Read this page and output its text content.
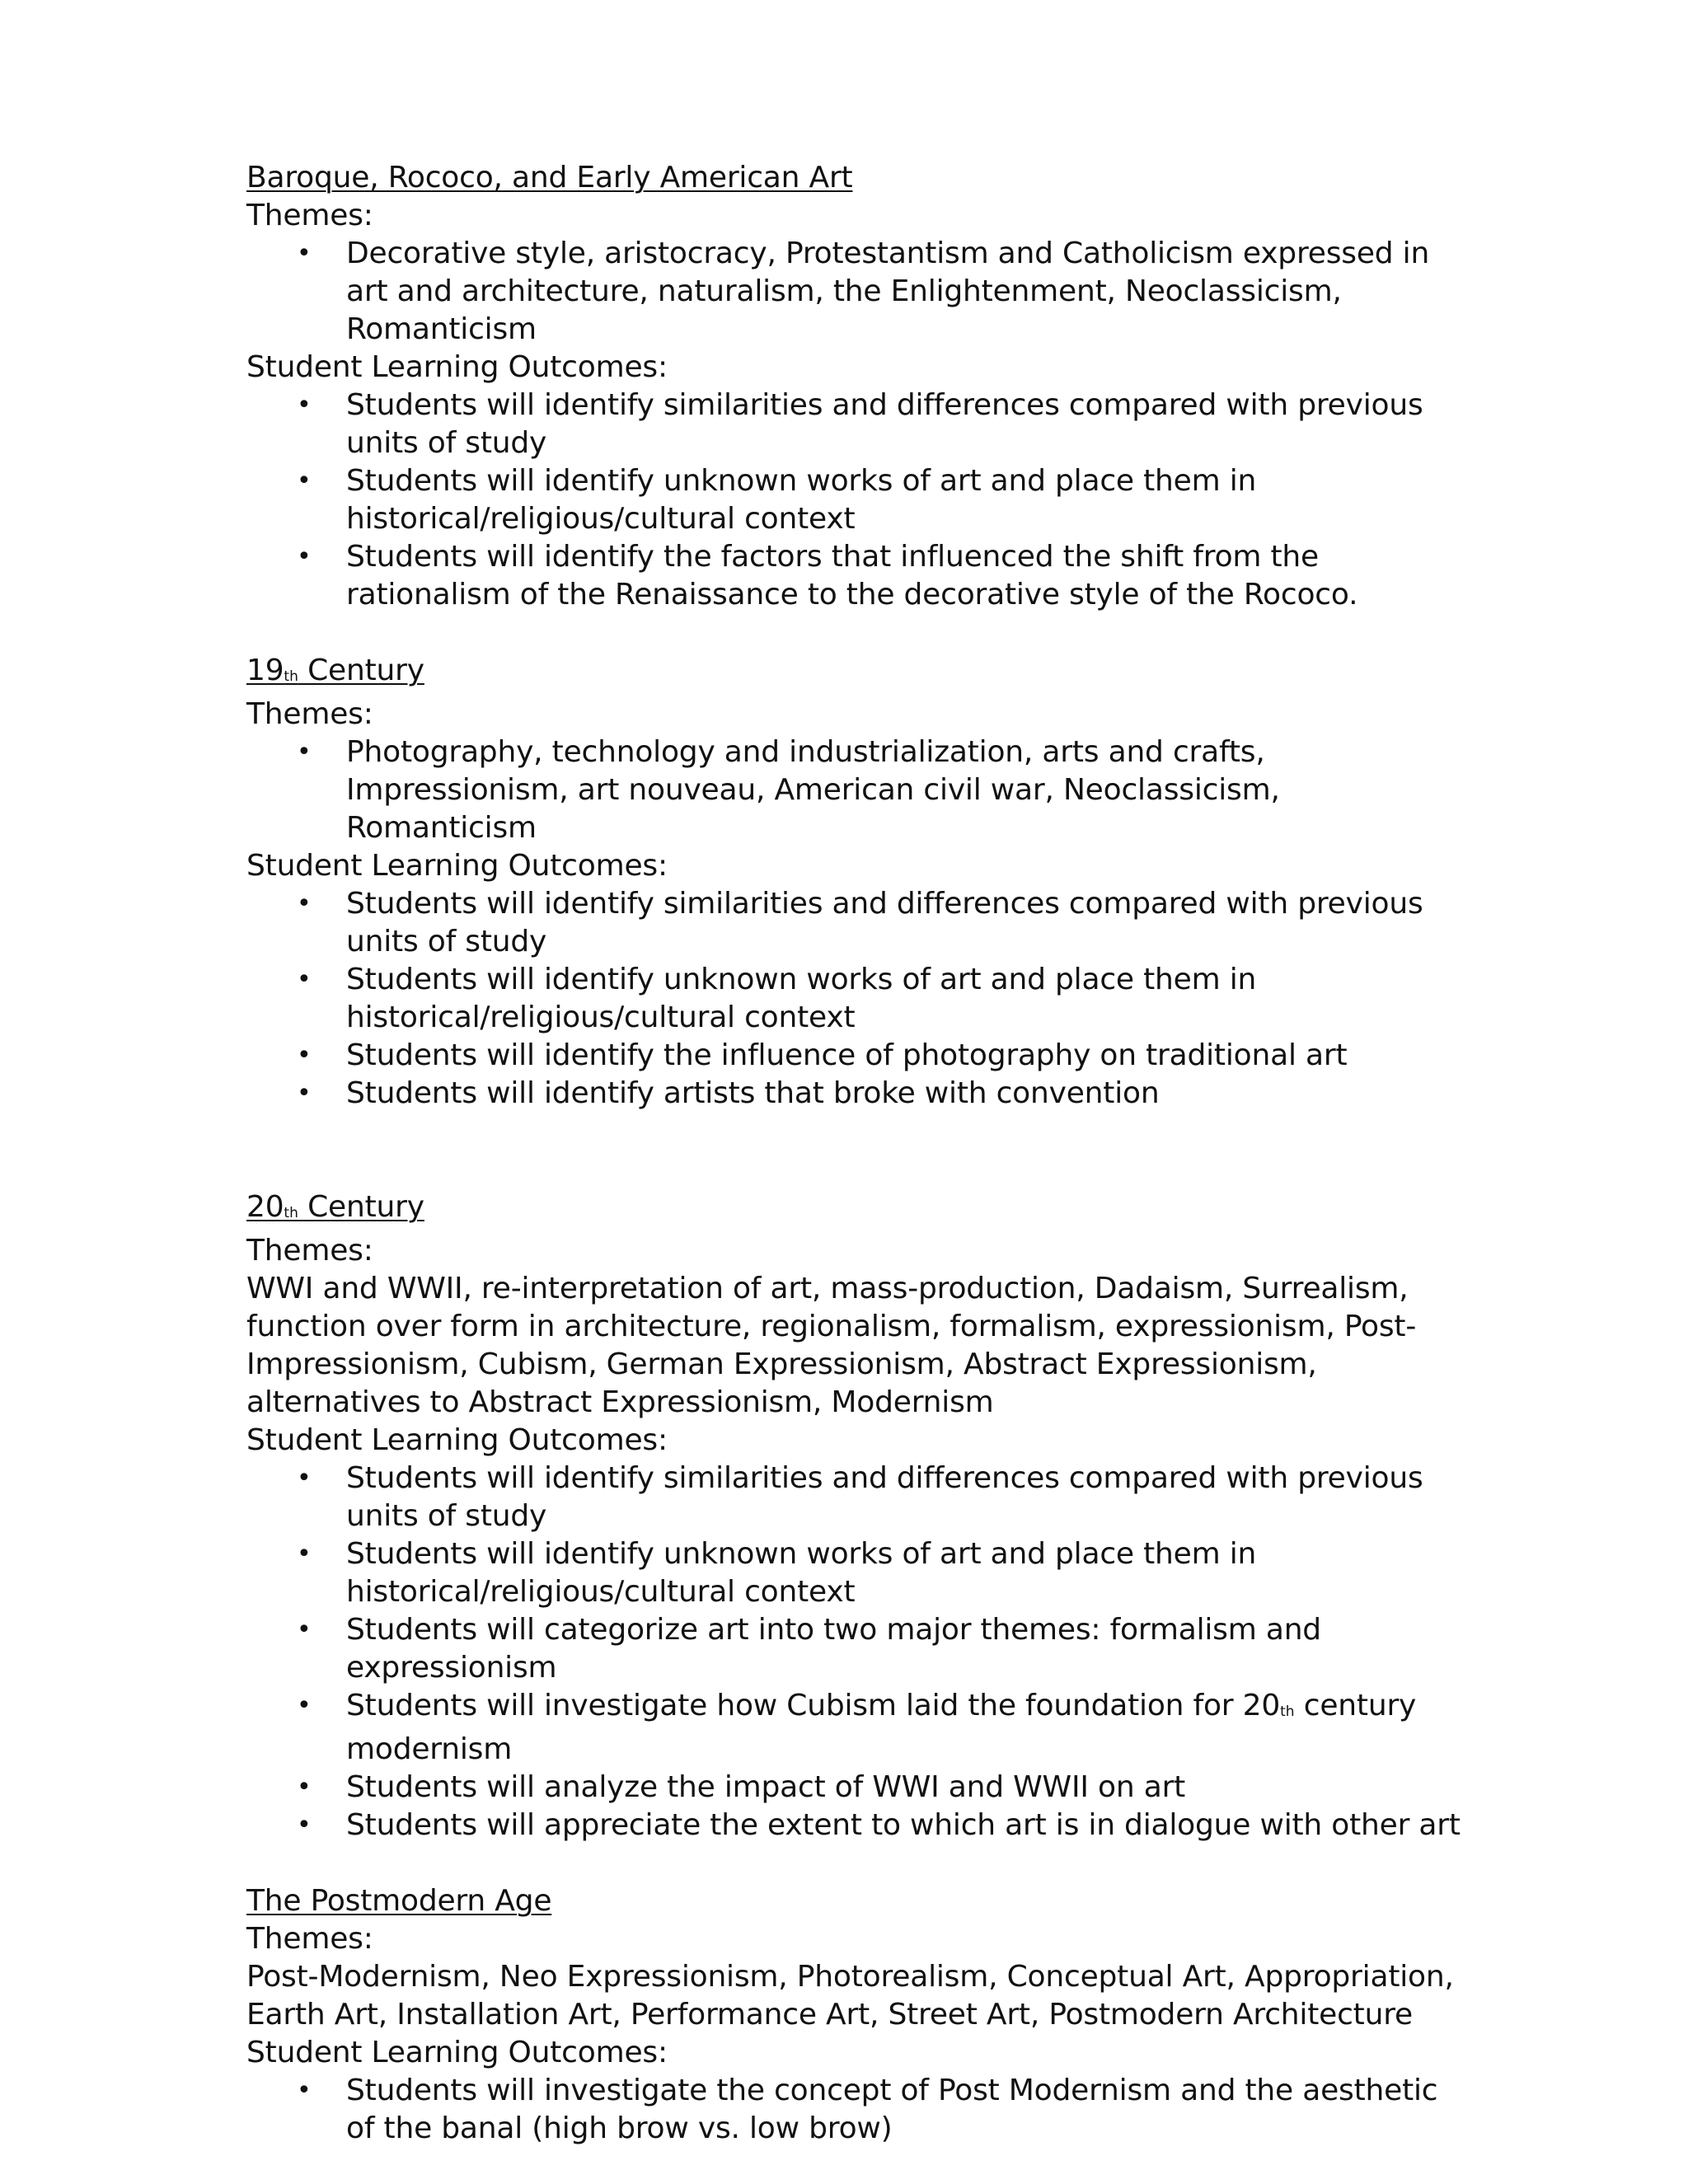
Baroque, Rococo, and Early American Art

Themes:

• Decorative style, aristocracy, Protestantism and Catholicism expressed in art and architecture, naturalism, the Enlightenment, Neoclassicism, Romanticism

Student Learning Outcomes:

• Students will identify similarities and differences compared with previous units of study
• Students will identify unknown works of art and place them in historical/religious/cultural context
• Students will identify the factors that influenced the shift from the rationalism of the Renaissance to the decorative style of the Rococo.

19th Century

Themes:

• Photography, technology and industrialization, arts and crafts, Impressionism, art nouveau, American civil war, Neoclassicism, Romanticism

Student Learning Outcomes:

• Students will identify similarities and differences compared with previous units of study
• Students will identify unknown works of art and place them in historical/religious/cultural context
• Students will identify the influence of photography on traditional art
• Students will identify artists that broke with convention

20th Century

Themes:

WWI and WWII, re-interpretation of art, mass-production, Dadaism, Surrealism, function over form in architecture, regionalism, formalism, expressionism, Post-Impressionism, Cubism, German Expressionism, Abstract Expressionism, alternatives to Abstract Expressionism, Modernism

Student Learning Outcomes:

• Students will identify similarities and differences compared with previous units of study
• Students will identify unknown works of art and place them in historical/religious/cultural context
• Students will categorize art into two major themes: formalism and expressionism
• Students will investigate how Cubism laid the foundation for 20th century modernism
• Students will analyze the impact of WWI and WWII on art
• Students will appreciate the extent to which art is in dialogue with other art

The Postmodern Age

Themes:

Post-Modernism, Neo Expressionism, Photorealism, Conceptual Art, Appropriation, Earth Art, Installation Art, Performance Art, Street Art, Postmodern Architecture

Student Learning Outcomes:

• Students will investigate the concept of Post Modernism and the aesthetic of the banal (high brow vs. low brow)
